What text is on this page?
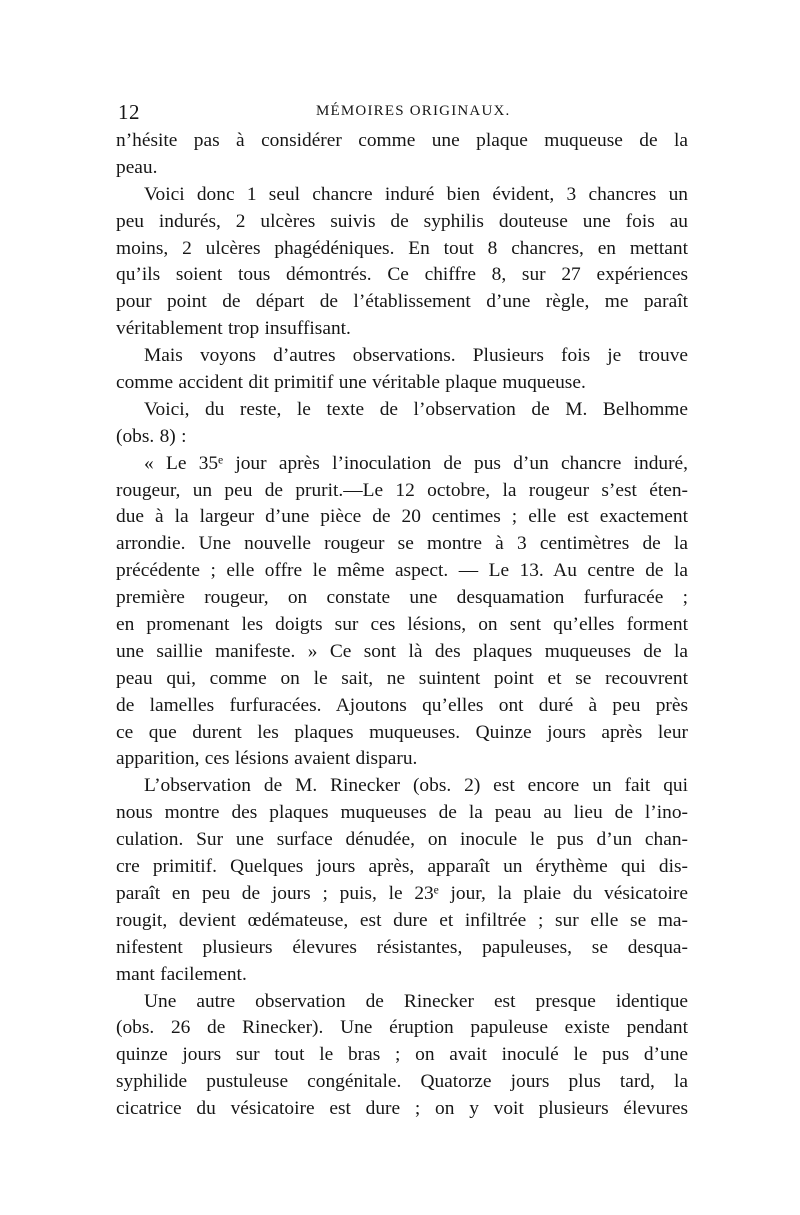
12	MÉMOIRES ORIGINAUX.
n’hésite pas à considérer comme une plaque muqueuse de la
peau.
Voici donc 1 seul chancre induré bien évident, 3 chancres un
peu indurés, 2 ulcères suivis de syphilis douteuse une fois au
moins, 2 ulcères phagédéniques. En tout 8 chancres, en mettant
qu’ils soient tous démontrés. Ce chiffre 8, sur 27 expériences
pour point de départ de l’établissement d’une règle, me paraît
véritablement trop insuffisant.
Mais voyons d’autres observations. Plusieurs fois je trouve
comme accident dit primitif une véritable plaque muqueuse.
Voici, du reste, le texte de l’observation de M. Belhomme
(obs. 8) :
« Le 35ᵉ jour après l’inoculation de pus d’un chancre induré,
rougeur, un peu de prurit.—Le 12 octobre, la rougeur s’est éten-
due à la largeur d’une pièce de 20 centimes ; elle est exactement
arrondie. Une nouvelle rougeur se montre à 3 centimètres de la
précédente ; elle offre le même aspect. — Le 13. Au centre de la
première rougeur, on constate une desquamation furfuracée ;
en promenant les doigts sur ces lésions, on sent qu’elles forment
une saillie manifeste. » Ce sont là des plaques muqueuses de la
peau qui, comme on le sait, ne suintent point et se recouvrent
de lamelles furfuracées. Ajoutons qu’elles ont duré à peu près
ce que durent les plaques muqueuses. Quinze jours après leur
apparition, ces lésions avaient disparu.
L’observation de M. Rinecker (obs. 2) est encore un fait qui
nous montre des plaques muqueuses de la peau au lieu de l’ino-
culation. Sur une surface dénudée, on inocule le pus d’un chan-
cre primitif. Quelques jours après, apparaît un érythème qui dis-
paraît en peu de jours ; puis, le 23ᵉ jour, la plaie du vésicatoire
rougit, devient œdémateuse, est dure et infiltrée ; sur elle se ma-
nifestent plusieurs élevures résistantes, papuleuses, se desqua-
mant facilement.
Une autre observation de Rinecker est presque identique
(obs. 26 de Rinecker). Une éruption papuleuse existe pendant
quinze jours sur tout le bras ; on avait inoculé le pus d’une
syphilide pustuleuse congénitale. Quatorze jours plus tard, la
cicatrice du vésicatoire est dure ; on y voit plusieurs élevures
